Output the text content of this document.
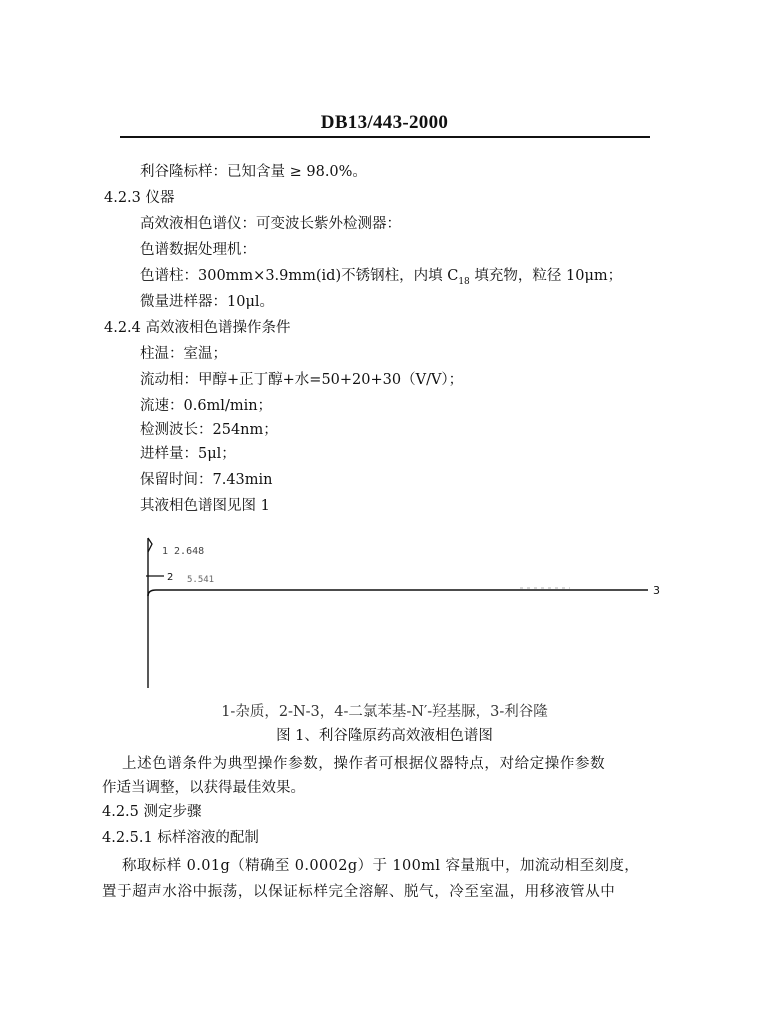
DB13/443-2000
利谷隆标样：已知含量 ≥ 98.0%。
4.2.3 仪器
高效液相色谱仪：可变波长紫外检测器：
色谱数据处理机：
色谱柱：300mm×3.9mm(id)不锈钢柱，内填 $C_{18}$ 填充物，粒径 10μm；
微量进样器：10μl。
4.2.4 高效液相色谱操作条件
柱温：室温；
流动相：甲醇+正丁醇+水=50+20+30（V/V）；
流速：0.6ml/min；
检测波长：254nm；
进样量：5μl；
保留时间：7.43min
其液相色谱图见图 1
1 2.648
2 5.541
3
1-杂质，2-N-3，4-二氯苯基-N′-羟基脲，3-利谷隆
图 1、利谷隆原药高效液相色谱图
上述色谱条件为典型操作参数，操作者可根据仪器特点，对给定操作参数
作适当调整，以获得最佳效果。
4.2.5 测定步骤
4.2.5.1 标样溶液的配制
称取标样 0.01g（精确至 0.0002g）于 100ml 容量瓶中，加流动相至刻度，
置于超声水浴中振荡，以保证标样完全溶解、脱气，冷至室温，用移液管从中
